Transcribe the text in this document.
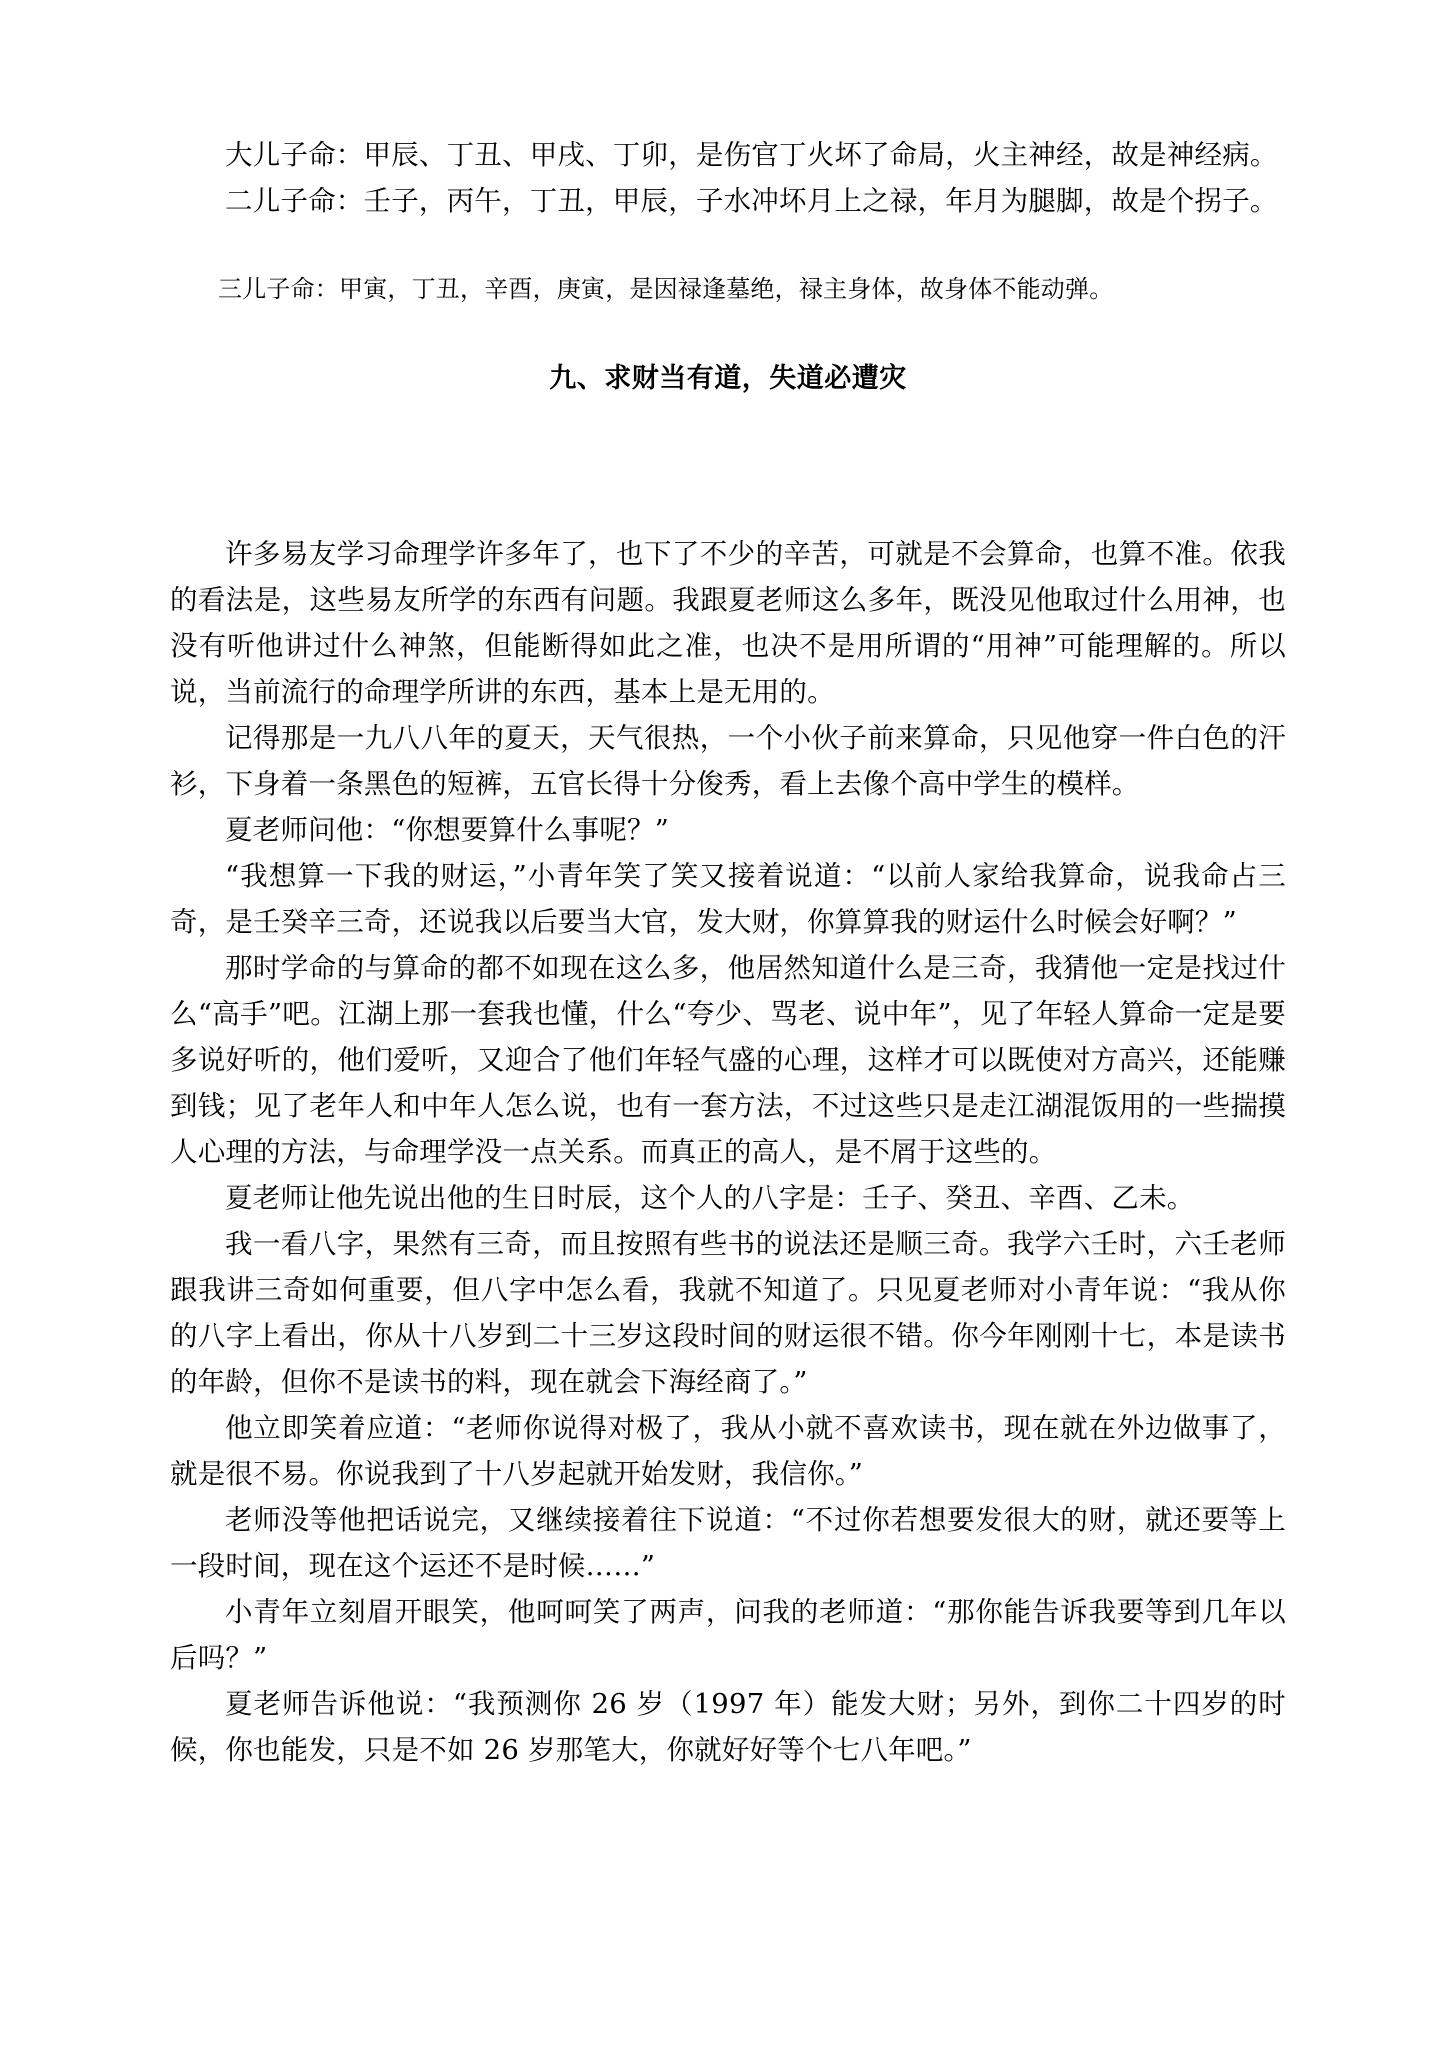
大儿子命：甲辰、丁丑、甲戌、丁卯，是伤官丁火坏了命局，火主神经，故是神经病。

二儿子命：壬子，丙午，丁丑，甲辰，子水冲坏月上之禄，年月为腿脚，故是个拐子。

三儿子命：甲寅，丁丑，辛酉，庚寅，是因禄逢墓绝，禄主身体，故身体不能动弹。

九、求财当有道，失道必遭灾

许多易友学习命理学许多年了，也下了不少的辛苦，可就是不会算命，也算不准。依我的看法是，这些易友所学的东西有问题。我跟夏老师这么多年，既没见他取过什么用神，也没有听他讲过什么神煞，但能断得如此之准，也决不是用所谓的“用神”可能理解的。所以说，当前流行的命理学所讲的东西，基本上是无用的。

记得那是一九八八年的夏天，天气很热，一个小伙子前来算命，只见他穿一件白色的汗衫，下身着一条黑色的短裤，五官长得十分俊秀，看上去像个高中学生的模样。

夏老师问他：“你想要算什么事呢？”

“我想算一下我的财运，”小青年笑了笑又接着说道：“以前人家给我算命，说我命占三奇，是壬癸辛三奇，还说我以后要当大官，发大财，你算算我的财运什么时候会好啊？”

那时学命的与算命的都不如现在这么多，他居然知道什么是三奇，我猜他一定是找过什么“高手”吧。江湖上那一套我也懂，什么“夸少、骂老、说中年”，见了年轻人算命一定是要多说好听的，他们爱听，又迎合了他们年轻气盛的心理，这样才可以既使对方高兴，还能赚到钱；见了老年人和中年人怎么说，也有一套方法，不过这些只是走江湖混饭用的一些揣摸人心理的方法，与命理学没一点关系。而真正的高人，是不屑于这些的。

夏老师让他先说出他的生日时辰，这个人的八字是：壬子、癸丑、辛酉、乙未。

我一看八字，果然有三奇，而且按照有些书的说法还是顺三奇。我学六壬时，六壬老师跟我讲三奇如何重要，但八字中怎么看，我就不知道了。只见夏老师对小青年说：“我从你的八字上看出，你从十八岁到二十三岁这段时间的财运很不错。你今年刚刚十七，本是读书的年龄，但你不是读书的料，现在就会下海经商了。”

他立即笑着应道：“老师你说得对极了，我从小就不喜欢读书，现在就在外边做事了，就是很不易。你说我到了十八岁起就开始发财，我信你。”

老师没等他把话说完，又继续接着往下说道：“不过你若想要发很大的财，就还要等上一段时间，现在这个运还不是时候……”

小青年立刻眉开眼笑，他呵呵笑了两声，问我的老师道：“那你能告诉我要等到几年以后吗？”

夏老师告诉他说：“我预测你 26 岁（1997 年）能发大财；另外，到你二十四岁的时候，你也能发，只是不如 26 岁那笔大，你就好好等个七八年吧。”
